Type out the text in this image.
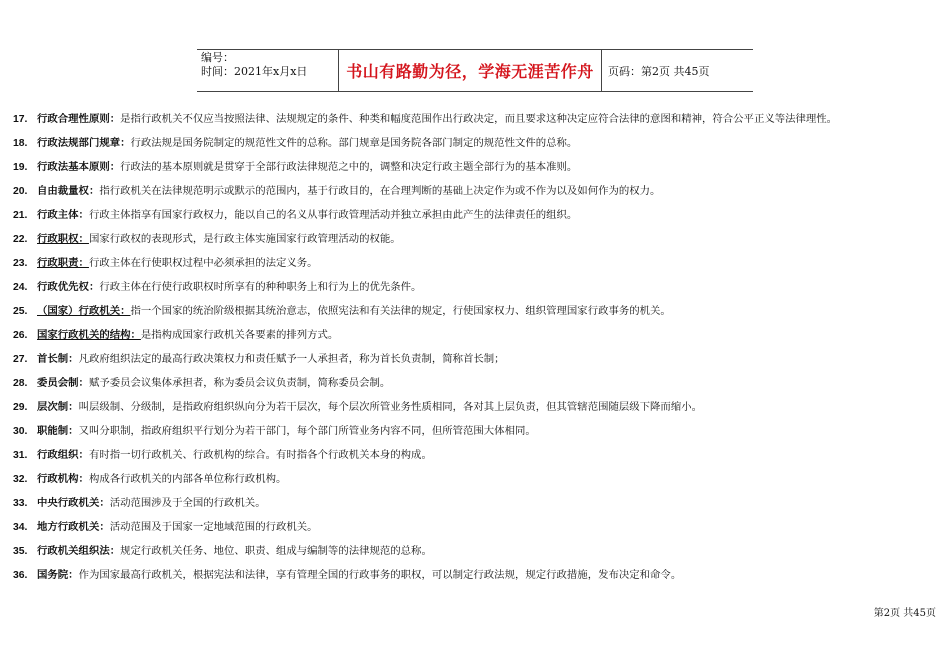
编号：
时间：2021年x月x日	书山有路勤为径，学海无涯苦作舟	页码：第2页 共45页
17. 行政合理性原则：是指行政机关不仅应当按照法律、法规规定的条件、种类和幅度范围作出行政决定，而且要求这种决定应符合法律的意图和精神，符合公平正义等法律理性。
18. 行政法规部门规章：行政法规是国务院制定的规范性文件的总称。部门规章是国务院各部门制定的规范性文件的总称。
19. 行政法基本原则：行政法的基本原则就是贯穿于全部行政法律规范之中的，调整和决定行政主题全部行为的基本准则。
20. 自由裁量权：指行政机关在法律规范明示或默示的范围内，基于行政目的，在合理判断的基础上决定作为或不作为以及如何作为的权力。
21. 行政主体：行政主体指享有国家行政权力，能以自己的名义从事行政管理活动并独立承担由此产生的法律责任的组织。
22. 行政职权：国家行政权的表现形式，是行政主体实施国家行政管理活动的权能。
23. 行政职责：行政主体在行使职权过程中必须承担的法定义务。
24. 行政优先权：行政主体在行使行政职权时所享有的种种职务上和行为上的优先条件。
25. （国家）行政机关：指一个国家的统治阶级根据其统治意志，依照宪法和有关法律的规定，行使国家权力、组织管理国家行政事务的机关。
26. 国家行政机关的结构：是指构成国家行政机关各要素的排列方式。
27. 首长制：凡政府组织法定的最高行政决策权力和责任赋予一人承担者，称为首长负责制，简称首长制；
28. 委员会制：赋予委员会议集体承担者，称为委员会议负责制，简称委员会制。
29. 层次制：叫层级制、分级制，是指政府组织纵向分为若干层次，每个层次所管业务性质相同，各对其上层负责，但其管辖范围随层级下降而缩小。
30. 职能制：又叫分职制，指政府组织平行划分为若干部门，每个部门所管业务内容不同，但所管范围大体相同。
31. 行政组织：有时指一切行政机关、行政机构的综合。有时指各个行政机关本身的构成。
32. 行政机构：构成各行政机关的内部各单位称行政机构。
33. 中央行政机关：活动范围涉及于全国的行政机关。
34. 地方行政机关：活动范围及于国家一定地域范围的行政机关。
35. 行政机关组织法：规定行政机关任务、地位、职责、组成与编制等的法律规范的总称。
36. 国务院：作为国家最高行政机关，根据宪法和法律，享有管理全国的行政事务的职权，可以制定行政法规，规定行政措施，发布决定和命令。
第2页 共45页
